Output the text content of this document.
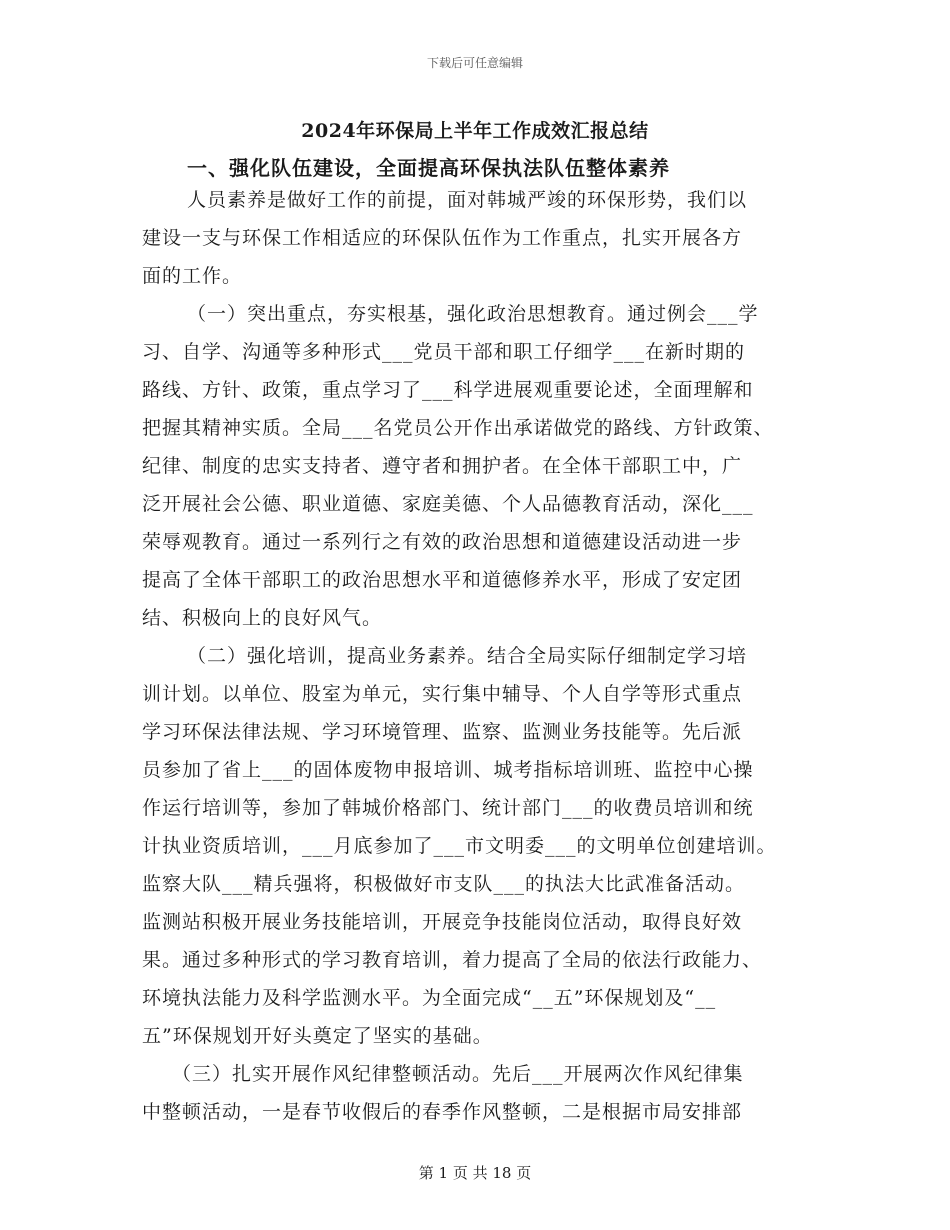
下载后可任意编辑
2024年环保局上半年工作成效汇报总结
一、强化队伍建设，全面提高环保执法队伍整体素养
人员素养是做好工作的前提，面对韩城严竣的环保形势，我们以
建设一支与环保工作相适应的环保队伍作为工作重点，扎实开展各方
面的工作。
（一）突出重点，夯实根基，强化政治思想教育。通过例会___学
习、自学、沟通等多种形式___党员干部和职工仔细学___在新时期的
路线、方针、政策，重点学习了___科学进展观重要论述，全面理解和
把握其精神实质。全局___名党员公开作出承诺做党的路线、方针政策、
纪律、制度的忠实支持者、遵守者和拥护者。在全体干部职工中，广
泛开展社会公德、职业道德、家庭美德、个人品德教育活动，深化___
荣辱观教育。通过一系列行之有效的政治思想和道德建设活动进一步
提高了全体干部职工的政治思想水平和道德修养水平，形成了安定团
结、积极向上的良好风气。
（二）强化培训，提高业务素养。结合全局实际仔细制定学习培
训计划。以单位、股室为单元，实行集中辅导、个人自学等形式重点
学习环保法律法规、学习环境管理、监察、监测业务技能等。先后派
员参加了省上___的固体废物申报培训、城考指标培训班、监控中心操
作运行培训等，参加了韩城价格部门、统计部门___的收费员培训和统
计执业资质培训，___月底参加了___市文明委___的文明单位创建培训。
监察大队___精兵强将，积极做好市支队___的执法大比武准备活动。
监测站积极开展业务技能培训，开展竞争技能岗位活动，取得良好效
果。通过多种形式的学习教育培训，着力提高了全局的依法行政能力、
环境执法能力及科学监测水平。为全面完成“__五”环保规划及“__
五”环保规划开好头奠定了坚实的基础。
（三）扎实开展作风纪律整顿活动。先后___开展两次作风纪律集
中整顿活动，一是春节收假后的春季作风整顿，二是根据市局安排部
第 1 页 共 18 页
